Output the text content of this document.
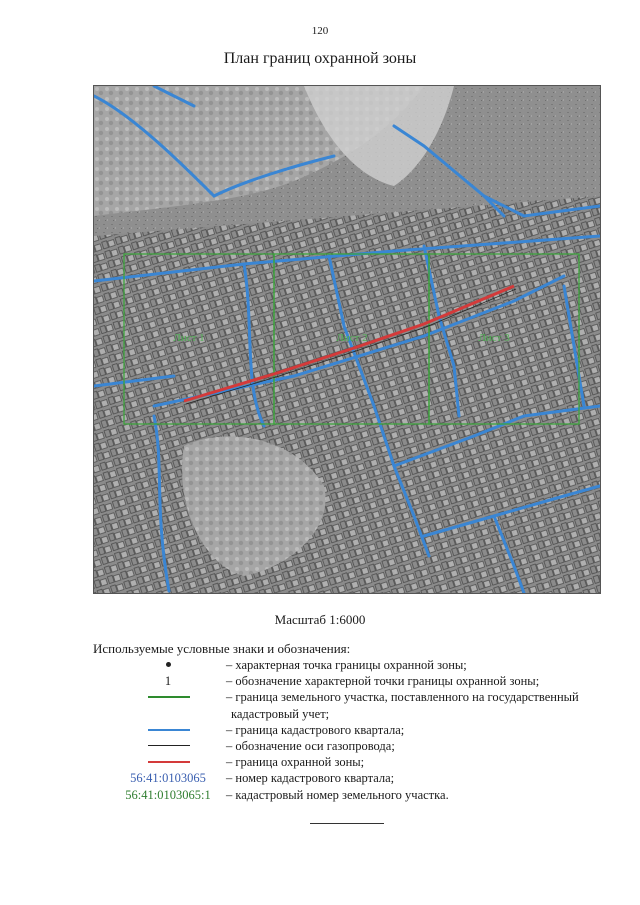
120
План границ охранной зоны
Лист 1	Лист 2	Лист 3
Масштаб 1:6000
Используемые условные знаки и обозначения:
– характерная точка границы охранной зоны;
1	– обозначение характерной точки границы охранной зоны;
– граница земельного участка, поставленного на государственный
кадастровый учет;
– граница кадастрового квартала;
– обозначение оси газопровода;
– граница охранной зоны;
56:41:0103065	– номер кадастрового квартала;
56:41:0103065:1	– кадастровый номер земельного участка.
